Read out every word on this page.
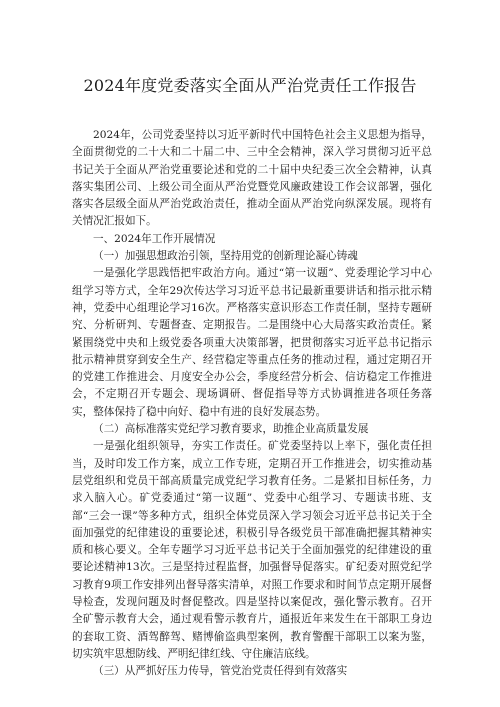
2024年度党委落实全面从严治党责任工作报告

2024年，公司党委坚持以习近平新时代中国特色社会主义思想为指导，全面贯彻党的二十大和二十届二中、三中全会精神，深入学习贯彻习近平总书记关于全面从严治党重要论述和党的二十届中央纪委三次全会精神，认真落实集团公司、上级公司全面从严治党暨党风廉政建设工作会议部署，强化落实各层级全面从严治党政治责任，推动全面从严治党向纵深发展。现将有关情况汇报如下。

一、2024年工作开展情况

（一）加强思想政治引领，坚持用党的创新理论凝心铸魂

一是强化学思践悟把牢政治方向。通过“第一议题”、党委理论学习中心组学习等方式，全年29次传达学习习近平总书记最新重要讲话和指示批示精神，党委中心组理论学习16次。严格落实意识形态工作责任制，坚持专题研究、分析研判、专题督查、定期报告。二是围绕中心大局落实政治责任。紧紧围绕党中央和上级党委各项重大决策部署，把贯彻落实习近平总书记指示批示精神贯穿到安全生产、经营稳定等重点任务的推动过程，通过定期召开的党建工作推进会、月度安全办公会，季度经营分析会、信访稳定工作推进会，不定期召开专题会、现场调研、督促指导等方式协调推进各项任务落实，整体保持了稳中向好、稳中有进的良好发展态势。

（二）高标准落实党纪学习教育要求，助推企业高质量发展

一是强化组织领导，夯实工作责任。矿党委坚持以上率下，强化责任担当，及时印发工作方案，成立工作专班，定期召开工作推进会，切实推动基层党组织和党员干部高质量完成党纪学习教育任务。二是紧扣目标任务，力求入脑入心。矿党委通过“第一议题”、党委中心组学习、专题读书班、支部“三会一课”等多种方式，组织全体党员深入学习领会习近平总书记关于全面加强党的纪律建设的重要论述，积极引导各级党员干部准确把握其精神实质和核心要义。全年专题学习习近平总书记关于全面加强党的纪律建设的重要论述精神13次。三是坚持过程监督，加强督导促落实。矿纪委对照党纪学习教育9项工作安排列出督导落实清单，对照工作要求和时间节点定期开展督导检查，发现问题及时督促整改。四是坚持以案促改，强化警示教育。召开全矿警示教育大会，通过观看警示教育片，通报近年来发生在干部职工身边的套取工资、酒驾醉驾、赌博偷盗典型案例，教育警醒干部职工以案为鉴，切实筑牢思想防线、严明纪律红线、守住廉洁底线。

（三）从严抓好压力传导，管党治党责任得到有效落实
